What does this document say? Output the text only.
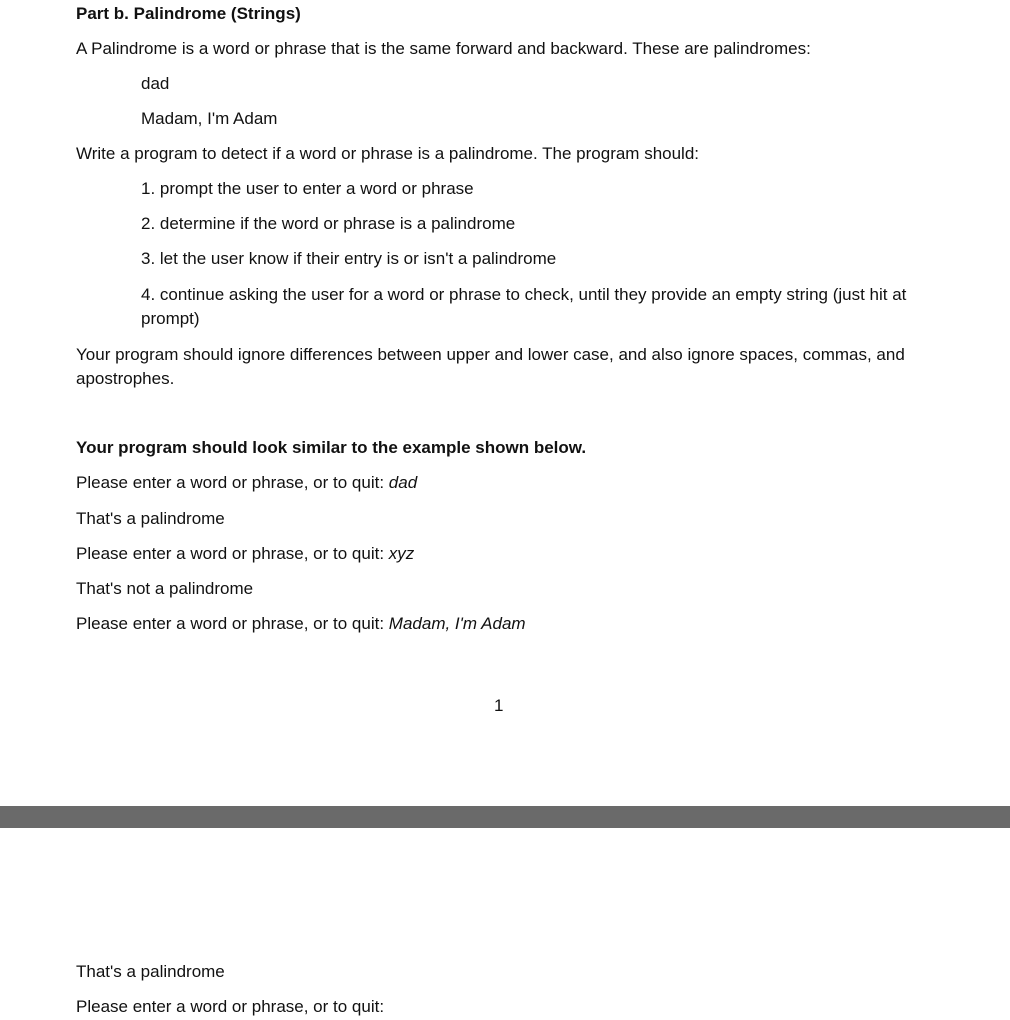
Part b. Palindrome (Strings)
A Palindrome is a word or phrase that is the same forward and backward. These are palindromes:
dad
Madam, I'm Adam
Write a program to detect if a word or phrase is a palindrome. The program should:
1. prompt the user to enter a word or phrase
2. determine if the word or phrase is a palindrome
3. let the user know if their entry is or isn't a palindrome
4. continue asking the user for a word or phrase to check, until they provide an empty string (just hit at prompt)
Your program should ignore differences between upper and lower case, and also ignore spaces, commas, and apostrophes.
Your program should look similar to the example shown below.
Please enter a word or phrase, or to quit: dad
That's a palindrome
Please enter a word or phrase, or to quit: xyz
That's not a palindrome
Please enter a word or phrase, or to quit: Madam, I'm Adam
1
That's a palindrome
Please enter a word or phrase, or to quit:
